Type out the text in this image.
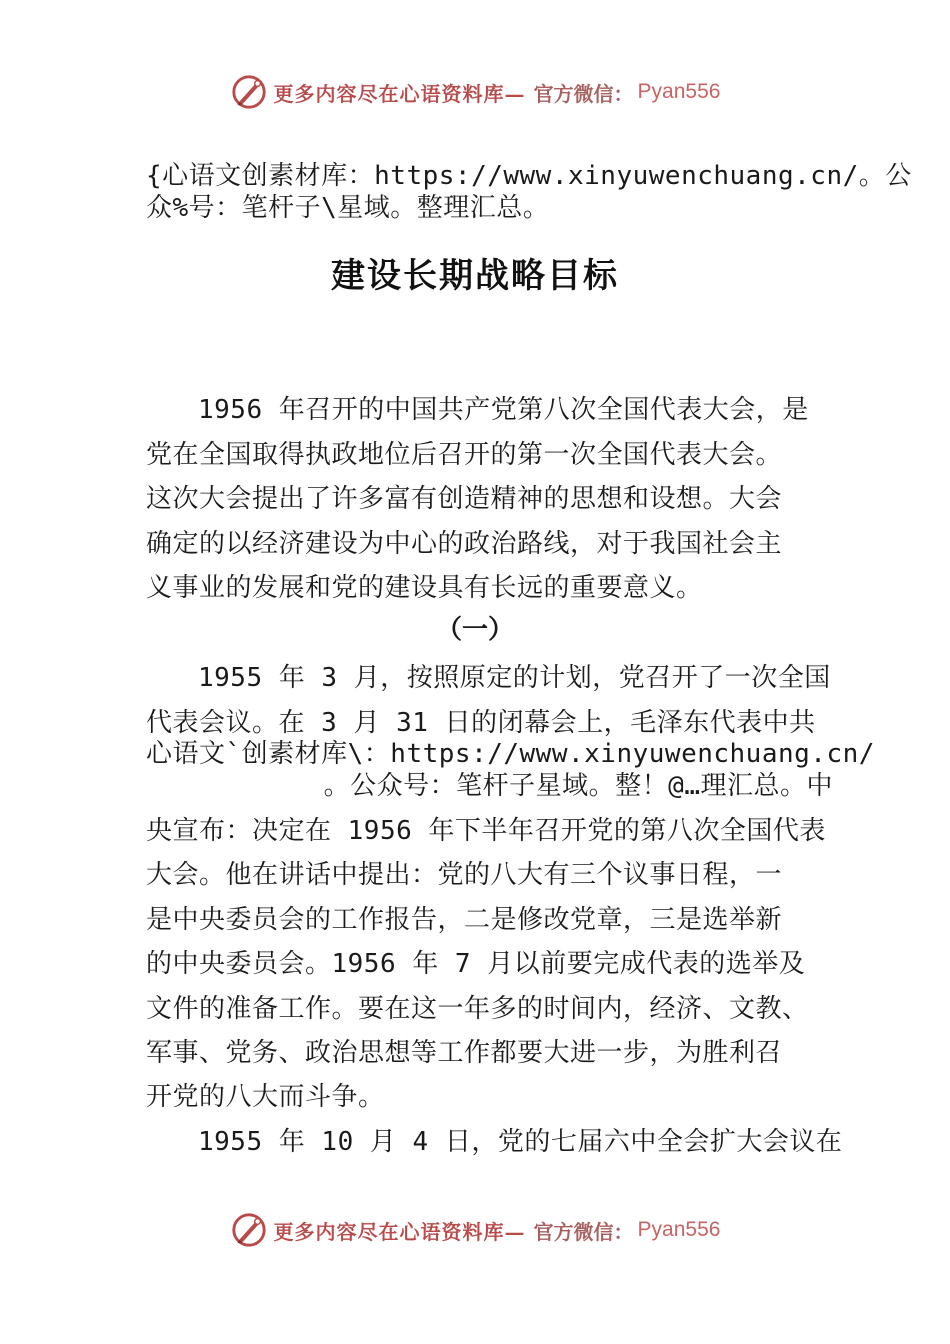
更多内容尽在心语资料库— 官方微信： Pyan556
{心语文创素材库：https://www.xinyuwenchuang.cn/。公
众%号：笔杆子\星域。整理汇总。
建设长期战略目标
1956 年召开的中国共产党第八次全国代表大会，是
党在全国取得执政地位后召开的第一次全国代表大会。
这次大会提出了许多富有创造精神的思想和设想。大会
确定的以经济建设为中心的政治路线，对于我国社会主
义事业的发展和党的建设具有长远的重要意义。
（一）
1955 年 3 月，按照原定的计划，党召开了一次全国
代表会议。在 3 月 31 日的闭幕会上，毛泽东代表中共
心语文`创素材库\：https://www.xinyuwenchuang.cn/
。公众号：笔杆子星域。整！@…理汇总。中
央宣布：决定在 1956 年下半年召开党的第八次全国代表
大会。他在讲话中提出：党的八大有三个议事日程，一
是中央委员会的工作报告，二是修改党章，三是选举新
的中央委员会。1956 年 7 月以前要完成代表的选举及
文件的准备工作。要在这一年多的时间内，经济、文教、
军事、党务、政治思想等工作都要大进一步，为胜利召
开党的八大而斗争。
1955 年 10 月 4 日，党的七届六中全会扩大会议在
更多内容尽在心语资料库— 官方微信： Pyan556
